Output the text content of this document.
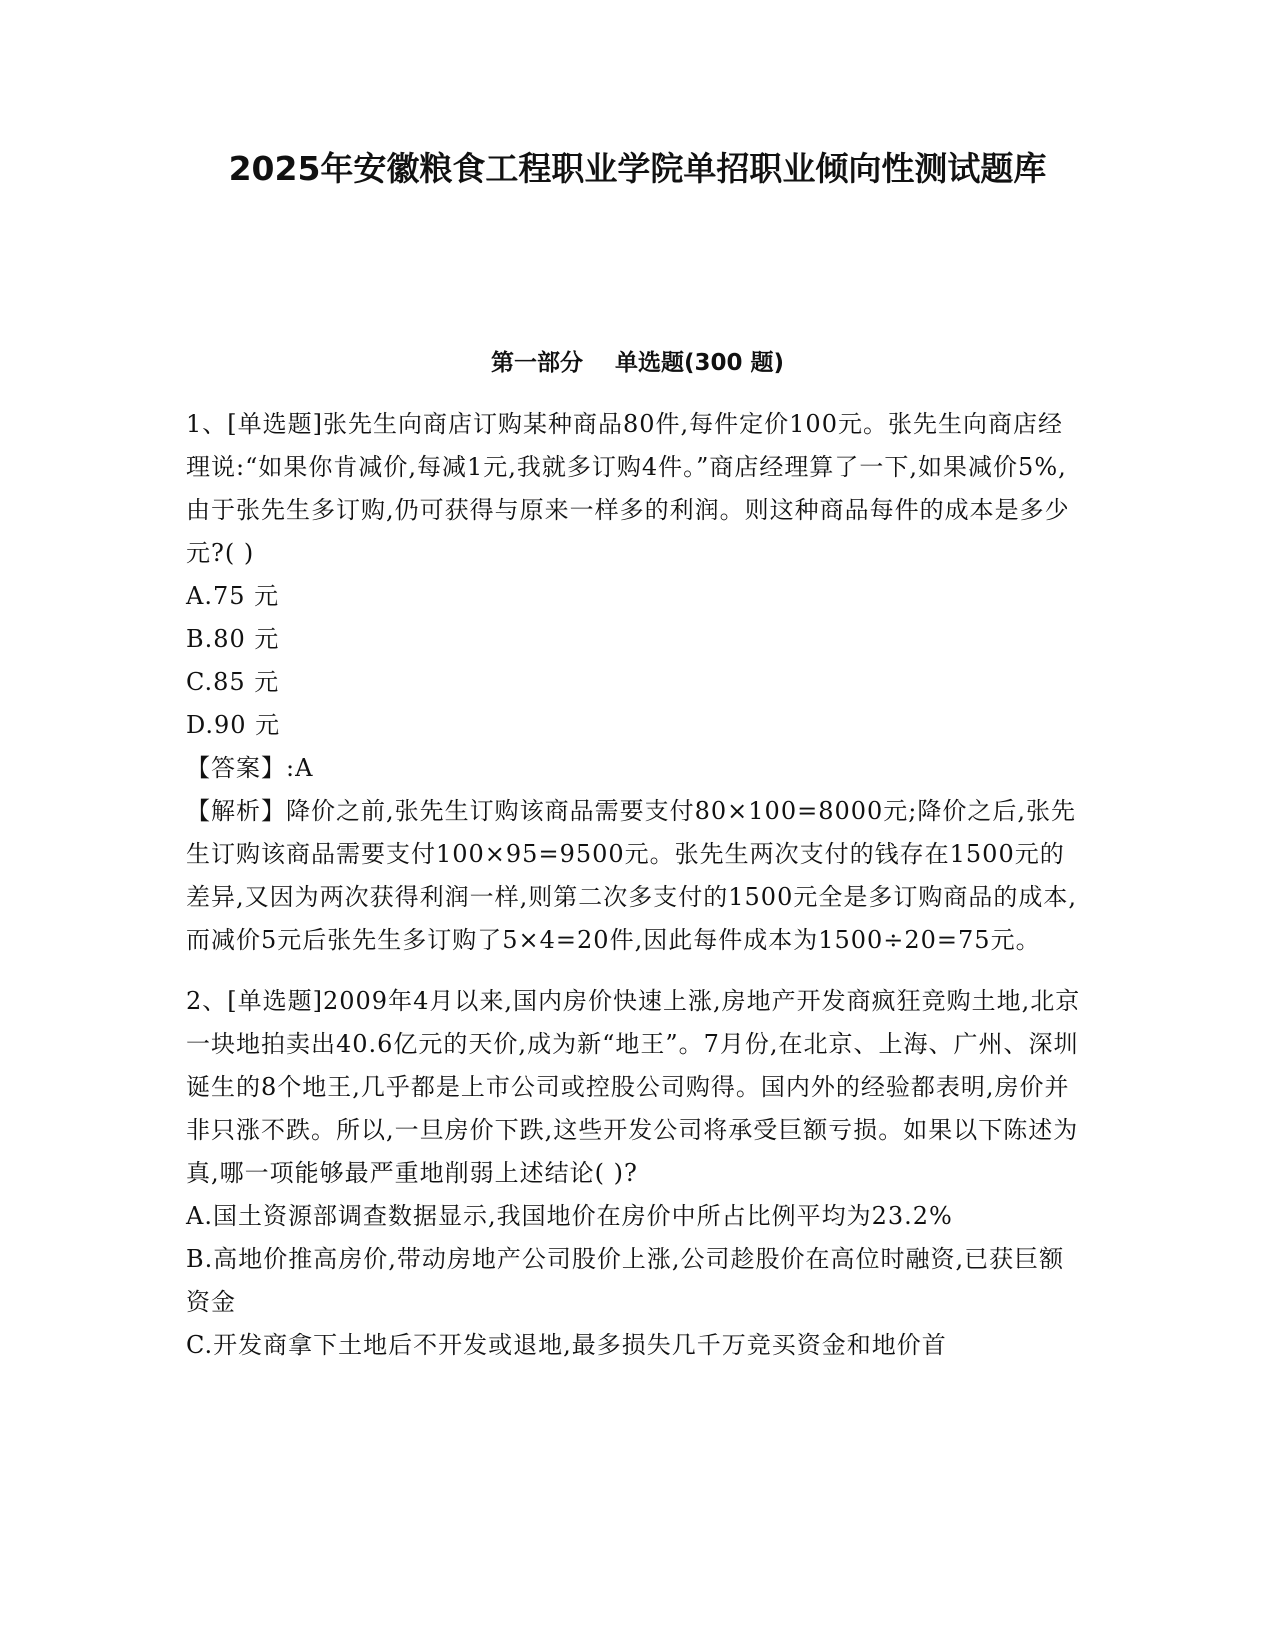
2025年安徽粮食工程职业学院单招职业倾向性测试题库
第一部分    单选题(300 题)

1、[单选题]张先生向商店订购某种商品80件,每件定价100元。张先生向商店经理说:“如果你肯减价,每减1元,我就多订购4件。”商店经理算了一下,如果减价5%,由于张先生多订购,仍可获得与原来一样多的利润。则这种商品每件的成本是多少元?( )

A.75 元

B.80 元

C.85 元

D.90 元

【答案】:A

【解析】降价之前,张先生订购该商品需要支付80×100=8000元;降价之后,张先生订购该商品需要支付100×95=9500元。张先生两次支付的钱存在1500元的差异,又因为两次获得利润一样,则第二次多支付的1500元全是多订购商品的成本,而减价5元后张先生多订购了5×4=20件,因此每件成本为1500÷20=75元。

2、[单选题]2009年4月以来,国内房价快速上涨,房地产开发商疯狂竞购土地,北京一块地拍卖出40.6亿元的天价,成为新“地王”。7月份,在北京、上海、广州、深圳诞生的8个地王,几乎都是上市公司或控股公司购得。国内外的经验都表明,房价并非只涨不跌。所以,一旦房价下跌,这些开发公司将承受巨额亏损。如果以下陈述为真,哪一项能够最严重地削弱上述结论( )?

A.国土资源部调查数据显示,我国地价在房价中所占比例平均为23.2%

B.高地价推高房价,带动房地产公司股价上涨,公司趁股价在高位时融资,已获巨额资金

C.开发商拿下土地后不开发或退地,最多损失几千万竞买资金和地价首
